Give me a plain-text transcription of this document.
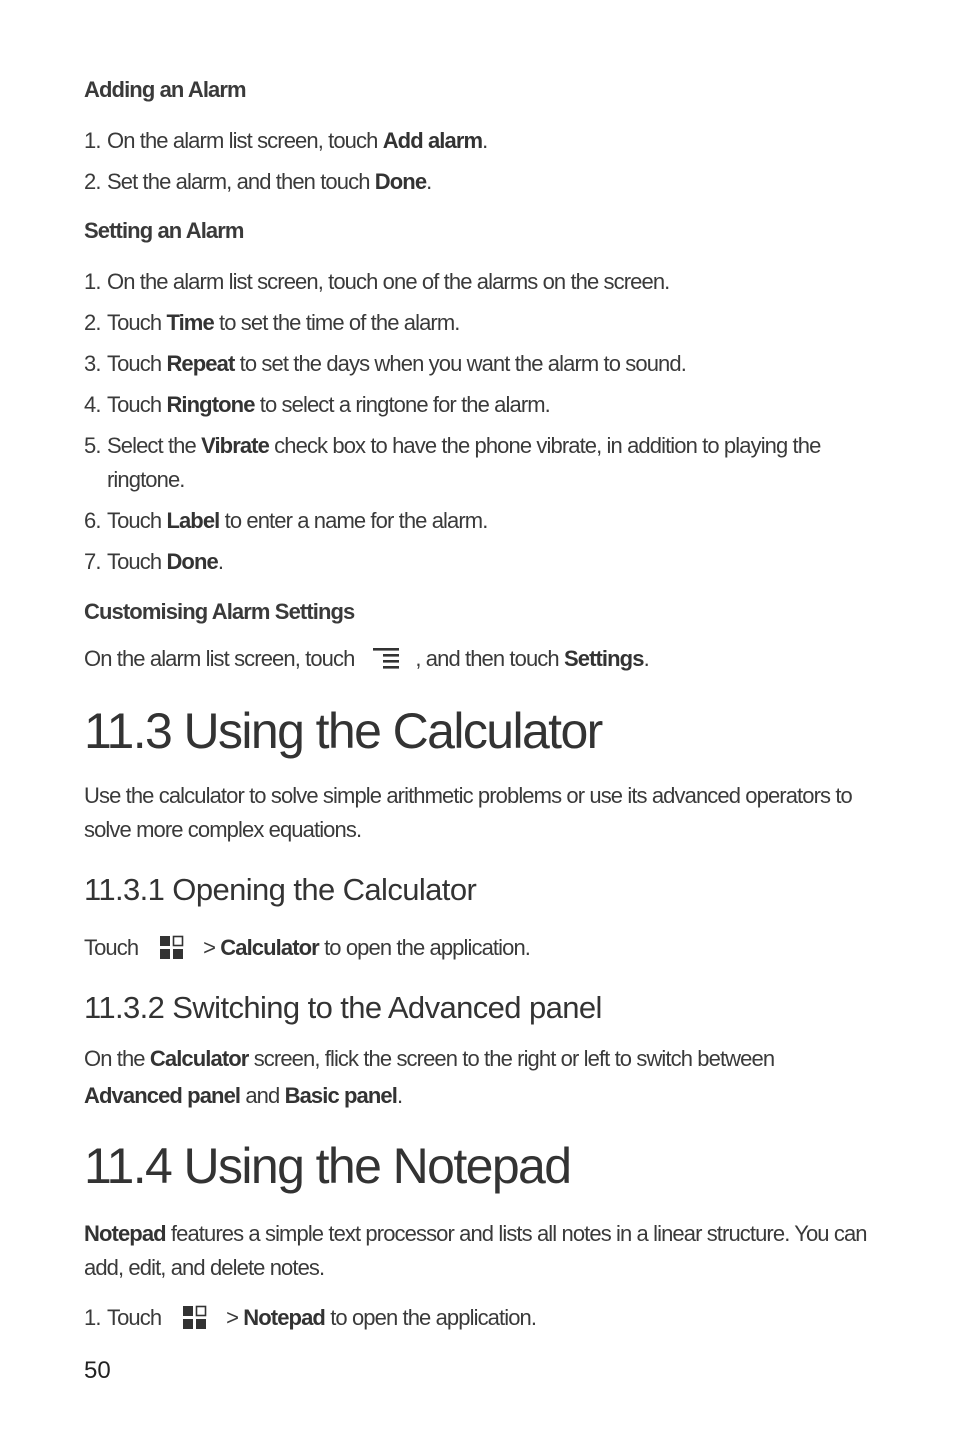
Adding an Alarm
1. On the alarm list screen, touch Add alarm.
2. Set the alarm, and then touch Done.
Setting an Alarm
1. On the alarm list screen, touch one of the alarms on the screen.
2. Touch Time to set the time of the alarm.
3. Touch Repeat to set the days when you want the alarm to sound.
4. Touch Ringtone to select a ringtone for the alarm.
5. Select the Vibrate check box to have the phone vibrate, in addition to playing the ringtone.
6. Touch Label to enter a name for the alarm.
7. Touch Done.
Customising Alarm Settings
On the alarm list screen, touch	, and then touch Settings.
11.3 Using the Calculator
Use the calculator to solve simple arithmetic problems or use its advanced operators to solve more complex equations.
11.3.1 Opening the Calculator
Touch	> Calculator to open the application.
11.3.2 Switching to the Advanced panel
On the Calculator screen, flick the screen to the right or left to switch between
Advanced panel and Basic panel.
11.4 Using the Notepad
Notepad features a simple text processor and lists all notes in a linear structure. You can add, edit, and delete notes.
1. Touch	> Notepad to open the application.
50
